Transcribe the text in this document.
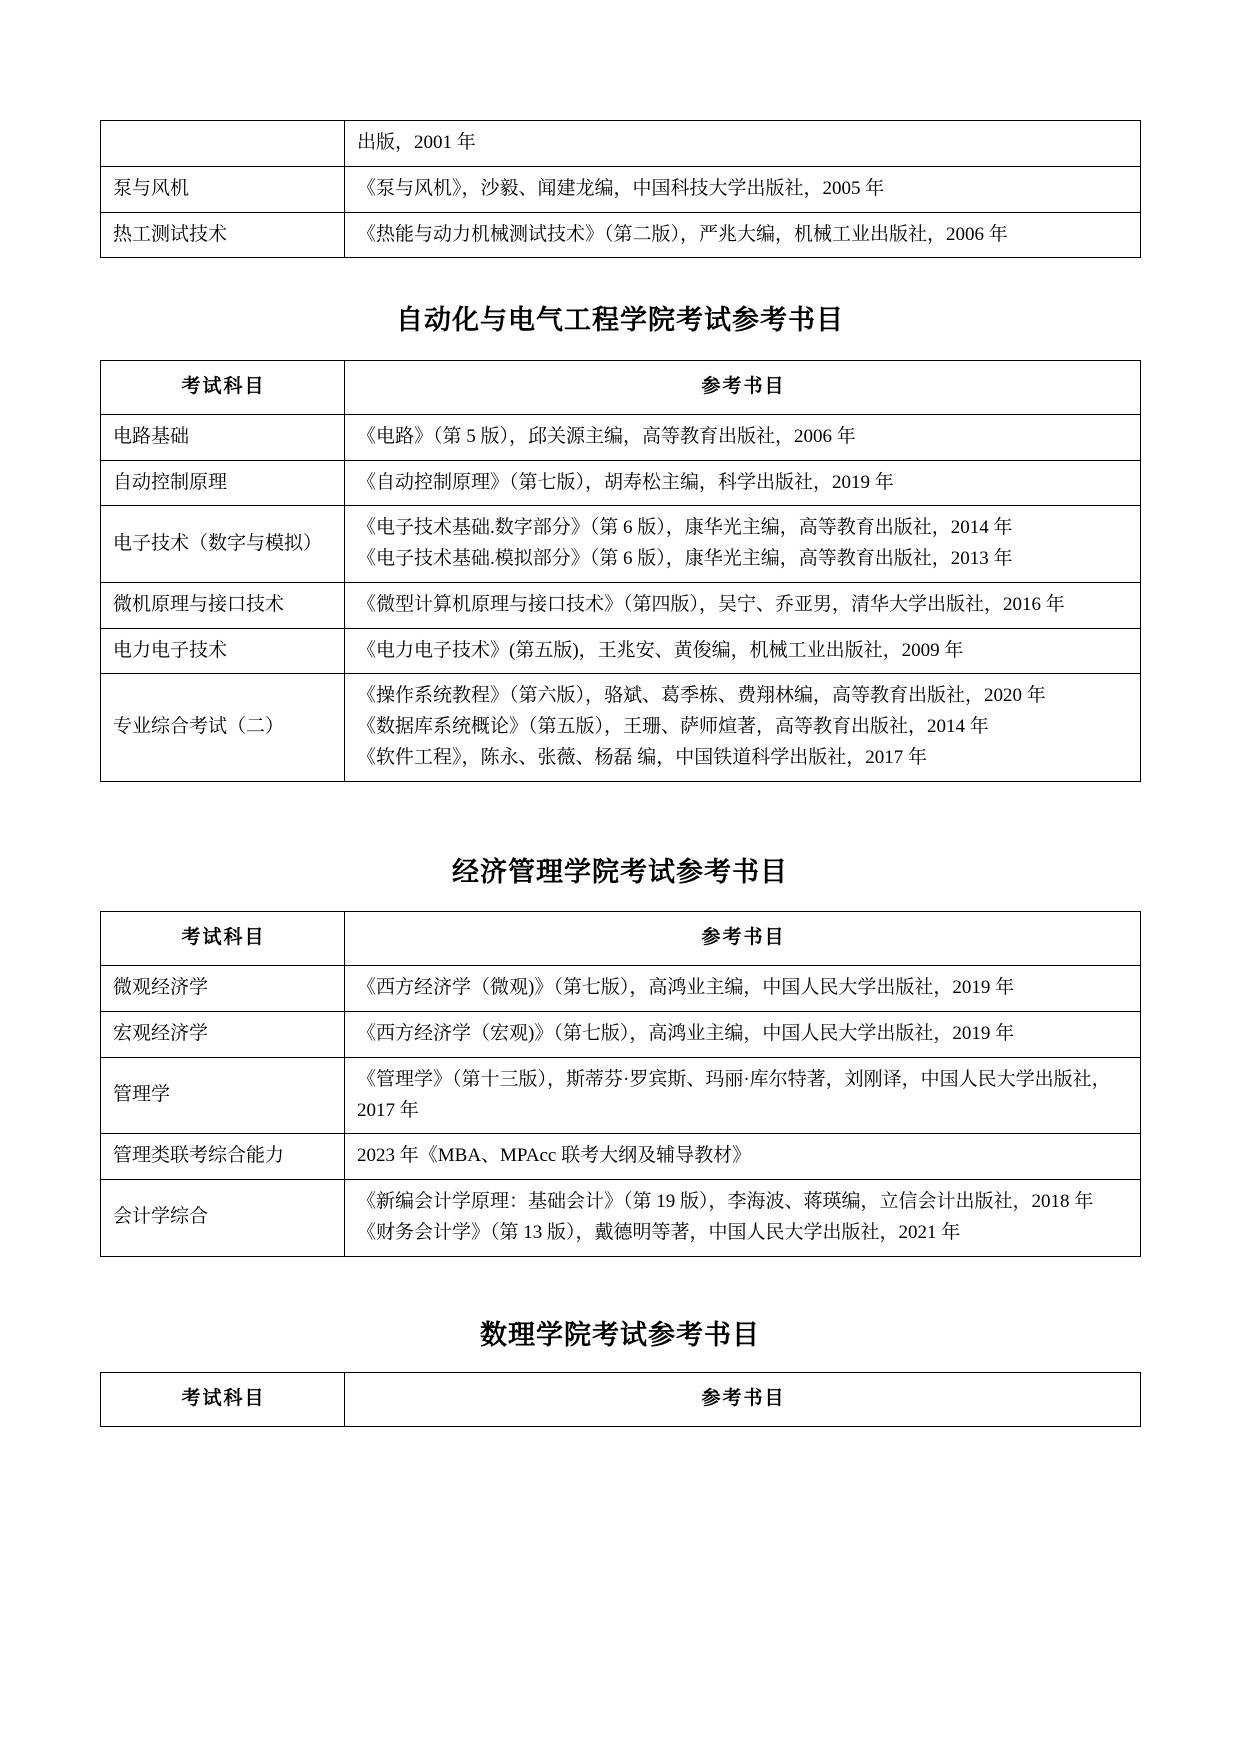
	出版，2001 年
泵与风机	《泵与风机》，沙毅、闻建龙编，中国科技大学出版社，2005 年
热工测试技术	《热能与动力机械测试技术》（第二版），严兆大编，机械工业出版社，2006 年
自动化与电气工程学院考试参考书目
考试科目	参考书目
电路基础	《电路》（第 5 版），邱关源主编，高等教育出版社，2006 年
自动控制原理	《自动控制原理》（第七版），胡寿松主编，科学出版社，2019 年
电子技术（数字与模拟）	《电子技术基础.数字部分》（第 6 版），康华光主编，高等教育出版社，2014 年
《电子技术基础.模拟部分》（第 6 版），康华光主编，高等教育出版社，2013 年

微机原理与接口技术	《微型计算机原理与接口技术》（第四版），吴宁、乔亚男，清华大学出版社，2016 年
电力电子技术	《电力电子技术》(第五版)，王兆安、黄俊编，机械工业出版社，2009 年
专业综合考试（二）	《操作系统教程》（第六版），骆斌、葛季栋、费翔林编，高等教育出版社，2020 年
《数据库系统概论》（第五版），王珊、萨师煊著，高等教育出版社，2014 年
《软件工程》，陈永、张薇、杨磊 编，中国铁道科学出版社，2017 年
经济管理学院考试参考书目
考试科目	参考书目
微观经济学	《西方经济学（微观)》（第七版），高鸿业主编，中国人民大学出版社，2019 年
宏观经济学	《西方经济学（宏观)》（第七版），高鸿业主编，中国人民大学出版社，2019 年
管理学	《管理学》（第十三版），斯蒂芬·罗宾斯、玛丽·库尔特著，刘刚译，中国人民大学出版社，2017 年
管理类联考综合能力	2023 年《MBA、MPAcc 联考大纲及辅导教材》
会计学综合	《新编会计学原理：基础会计》（第 19 版），李海波、蒋瑛编，立信会计出版社，2018 年
《财务会计学》（第 13 版），戴德明等著，中国人民大学出版社，2021 年
数理学院考试参考书目
考试科目	参考书目
